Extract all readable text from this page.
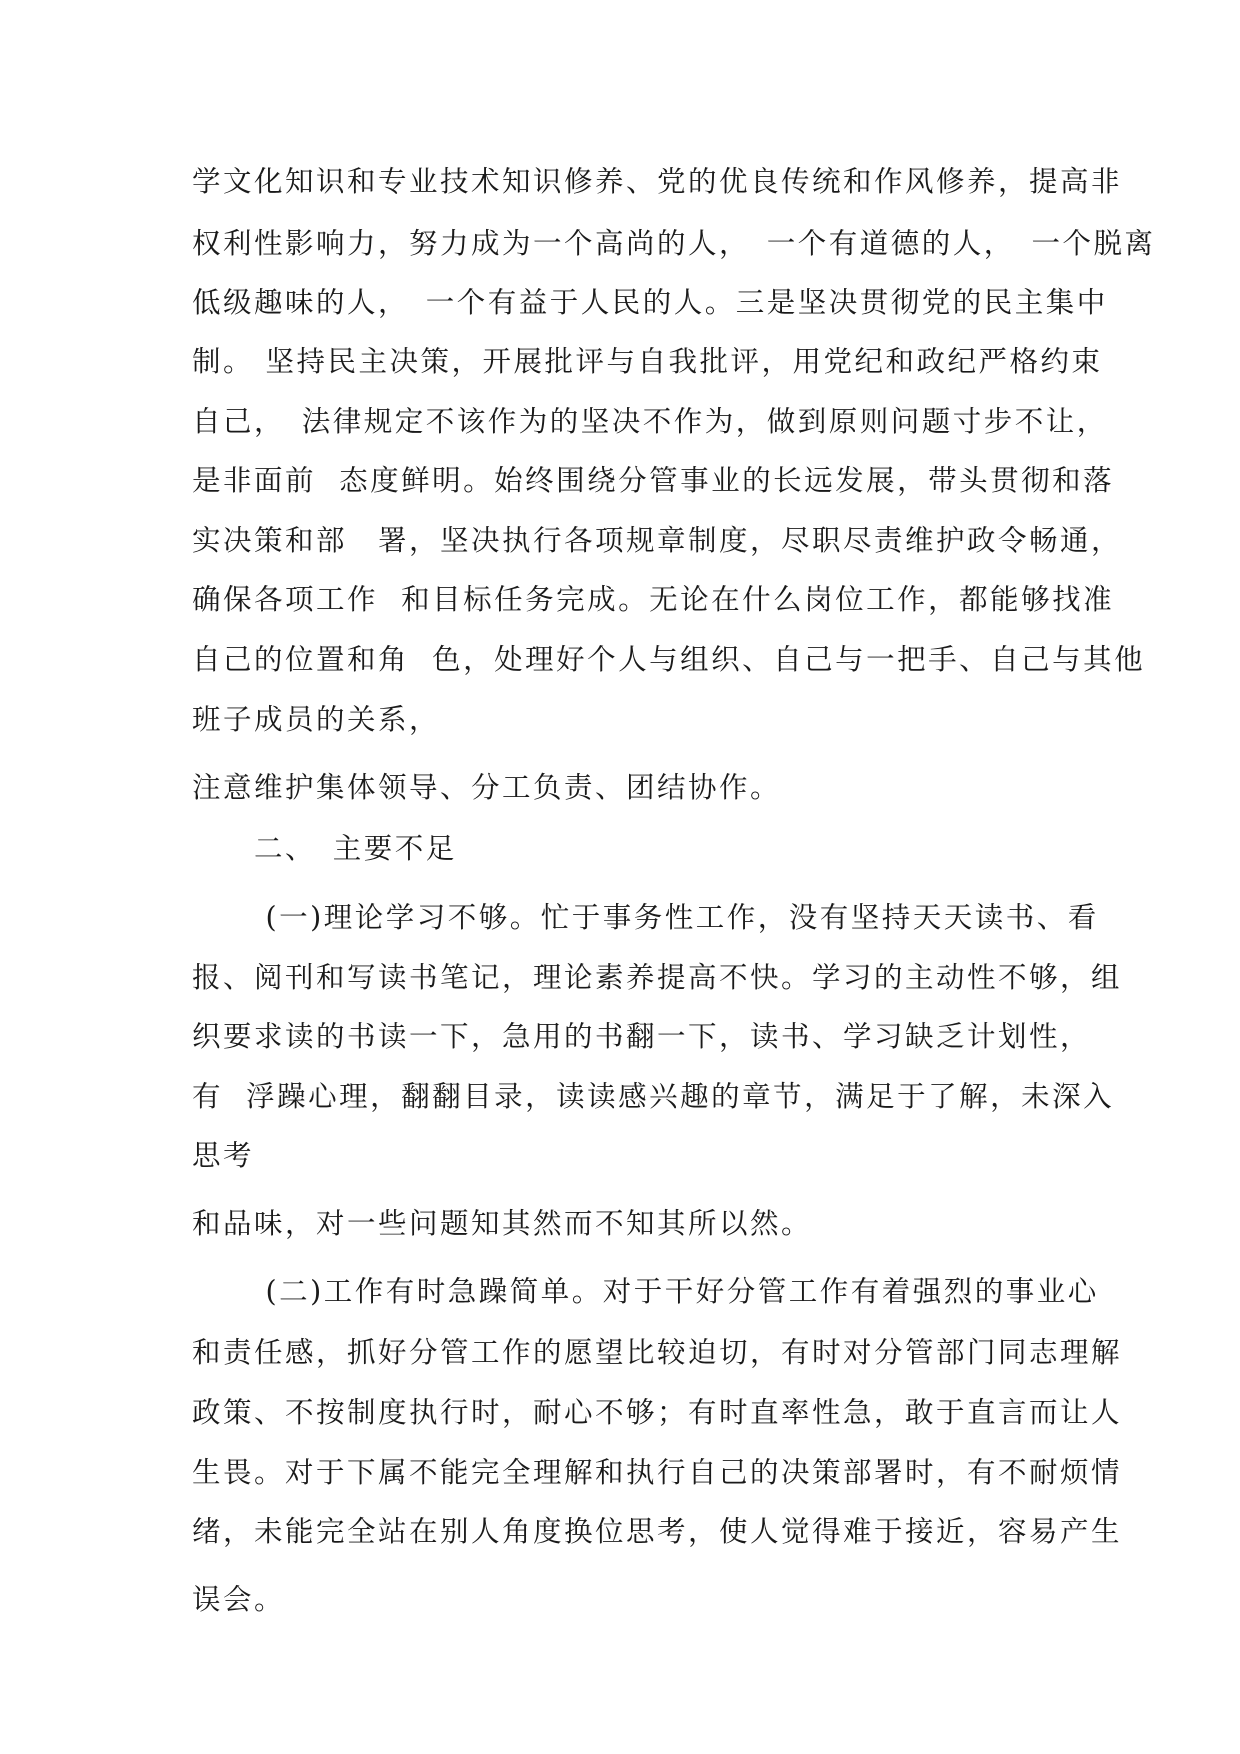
学文化知识和专业技术知识修养、党的优良传统和作风修养，提高非
权利性影响力，努力成为一个高尚的人，　一个有道德的人，　一个脱离
低级趣味的人，　一个有益于人民的人。三是坚决贯彻党的民主集中
制。 坚持民主决策，开展批评与自我批评，用党纪和政纪严格约束
自己，　法律规定不该作为的坚决不作为，做到原则问题寸步不让，
是非面前  态度鲜明。始终围绕分管事业的长远发展，带头贯彻和落
实决策和部　署，坚决执行各项规章制度，尽职尽责维护政令畅通，
确保各项工作  和目标任务完成。无论在什么岗位工作，都能够找准
自己的位置和角  色，处理好个人与组织、自己与一把手、自己与其他
班子成员的关系，
注意维护集体领导、分工负责、团结协作。
　　二、　主要不足
　　 (一)理论学习不够。忙于事务性工作，没有坚持天天读书、看
报、阅刊和写读书笔记，理论素养提高不快。学习的主动性不够，组
织要求读的书读一下，急用的书翻一下，读书、学习缺乏计划性，
有  浮躁心理，翻翻目录，读读感兴趣的章节，满足于了解，未深入
思考
和品味，对一些问题知其然而不知其所以然。
　　 (二)工作有时急躁简单。对于干好分管工作有着强烈的事业心
和责任感，抓好分管工作的愿望比较迫切，有时对分管部门同志理解
政策、不按制度执行时，耐心不够；有时直率性急，敢于直言而让人
生畏。对于下属不能完全理解和执行自己的决策部署时，有不耐烦情
绪，未能完全站在别人角度换位思考，使人觉得难于接近，容易产生
误会。
